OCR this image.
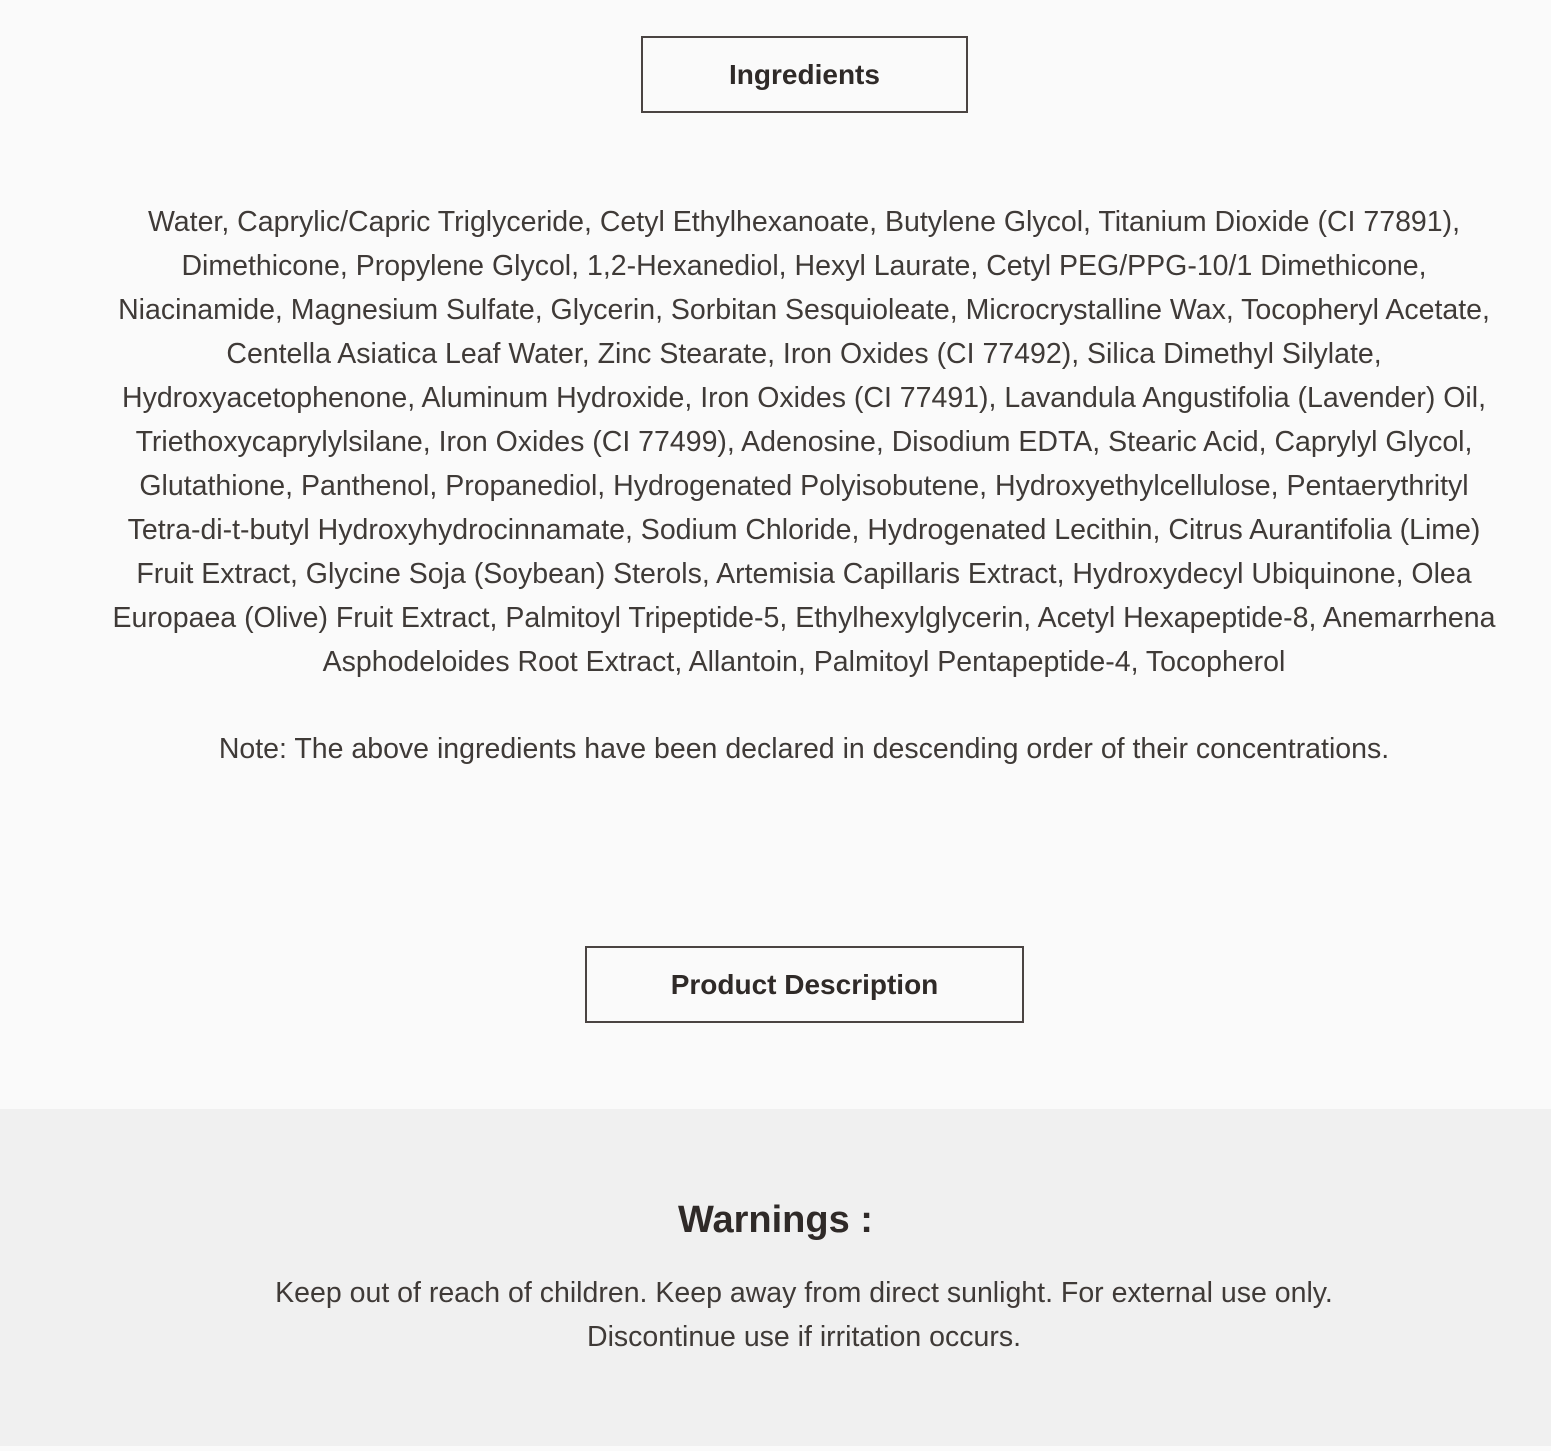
Ingredients

Water, Caprylic/Capric Triglyceride, Cetyl Ethylhexanoate, Butylene Glycol, Titanium Dioxide (CI 77891), Dimethicone, Propylene Glycol, 1,2-Hexanediol, Hexyl Laurate, Cetyl PEG/PPG-10/1 Dimethicone, Niacinamide, Magnesium Sulfate, Glycerin, Sorbitan Sesquioleate, Microcrystalline Wax, Tocopheryl Acetate, Centella Asiatica Leaf Water, Zinc Stearate, Iron Oxides (CI 77492), Silica Dimethyl Silylate, Hydroxyacetophenone, Aluminum Hydroxide, Iron Oxides (CI 77491), Lavandula Angustifolia (Lavender) Oil, Triethoxycaprylylsilane, Iron Oxides (CI 77499), Adenosine, Disodium EDTA, Stearic Acid, Caprylyl Glycol, Glutathione, Panthenol, Propanediol, Hydrogenated Polyisobutene, Hydroxyethylcellulose, Pentaerythrityl Tetra-di-t-butyl Hydroxyhydrocinnamate, Sodium Chloride, Hydrogenated Lecithin, Citrus Aurantifolia (Lime) Fruit Extract, Glycine Soja (Soybean) Sterols, Artemisia Capillaris Extract, Hydroxydecyl Ubiquinone, Olea Europaea (Olive) Fruit Extract, Palmitoyl Tripeptide-5, Ethylhexylglycerin, Acetyl Hexapeptide-8, Anemarrhena Asphodeloides Root Extract, Allantoin, Palmitoyl Pentapeptide-4, Tocopherol

Note: The above ingredients have been declared in descending order of their concentrations.

Product Description
Warnings :

Keep out of reach of children. Keep away from direct sunlight. For external use only.
Discontinue use if irritation occurs.
